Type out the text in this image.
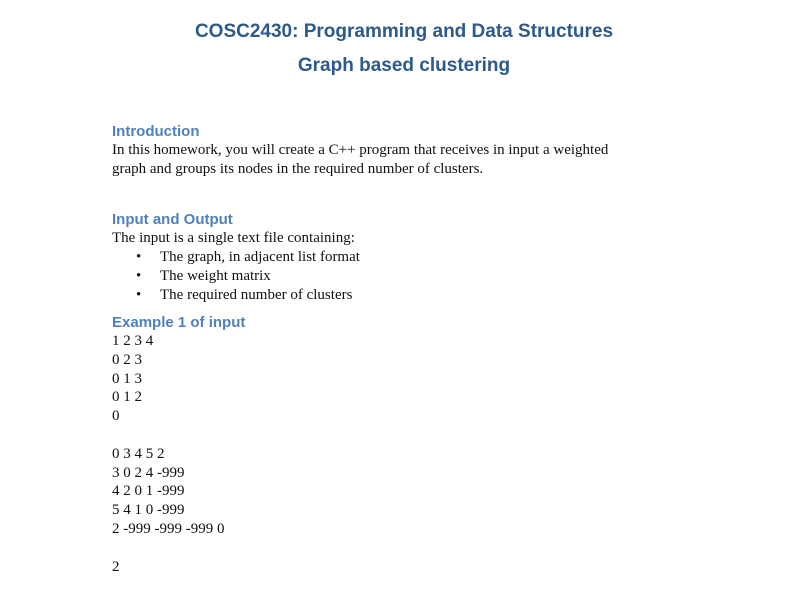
COSC2430: Programming and Data Structures
Graph based clustering
Introduction

In this homework, you will create a C++ program that receives in input a weighted

graph and groups its nodes in the required number of clusters.

Input and Output

The input is a single text file containing:

• The graph, in adjacent list format
• The weight matrix
• The required number of clusters
Example 1 of input

1 2 3 4

0 2 3

0 1 3

0 1 2

0

0 3 4 5 2

3 0 2 4 -999

4 2 0 1 -999

5 4 1 0 -999

2 -999 -999 -999 0

2
